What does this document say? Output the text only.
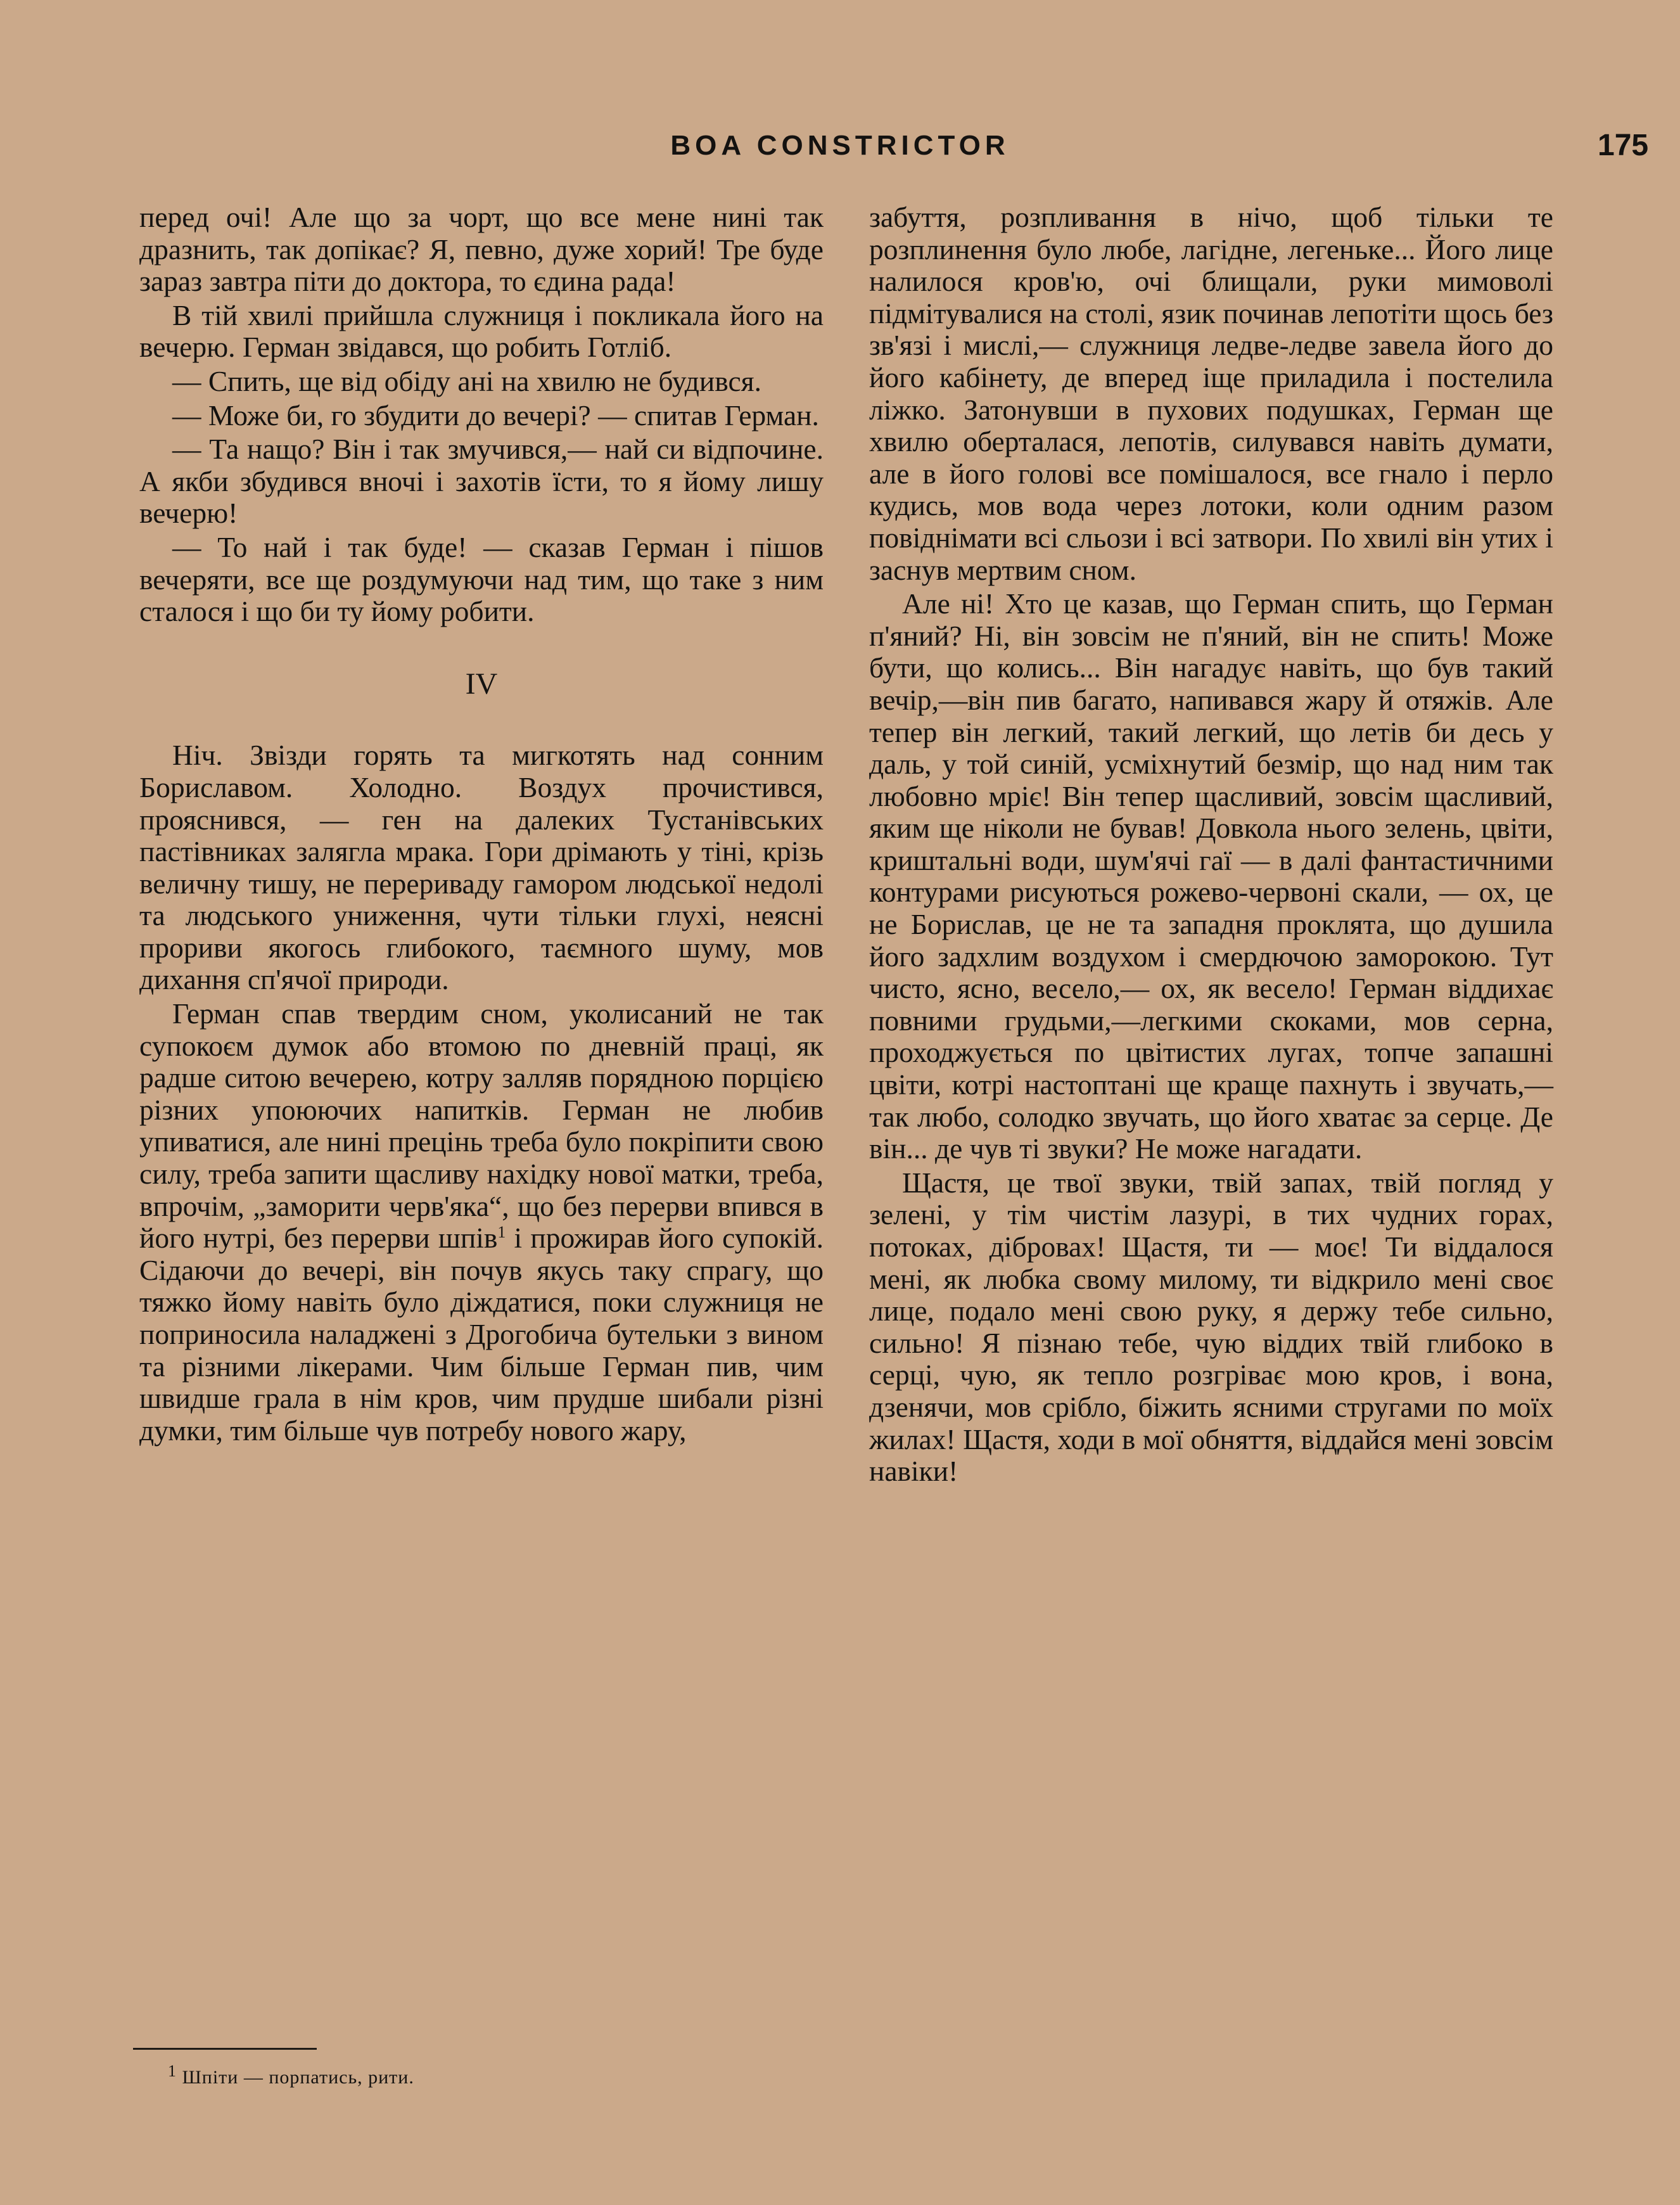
BOA CONSTRICTOR	175

перед очі! Але що за чорт, що все мене нині так дразнить, так допікає? Я, певно, дуже хорий! Тре буде зараз завтра піти до доктора, то єдина рада!

В тій хвилі прийшла служниця і покликала його на вечерю. Герман звідався, що робить Готліб.

— Спить, ще від обіду ані на хвилю не будився.

— Може би, го збудити до вечері? — спитав Герман.

— Та нащо? Він і так змучився,— най си відпочине. А якби збудився вночі і захотів їсти, то я йому лишу вечерю!

— То най і так буде! — сказав Герман і пішов вечеряти, все ще роздумуючи над тим, що таке з ним сталося і що би ту йому робити.

IV

Ніч. Звізди горять та мигкотять над сонним Бориславом. Холодно. Воздух прочистився, прояснився, — ген на далеких Тустанівських пастівниках залягла мрака. Гори дрімають у тіні, крізь величну тишу, не перериваду гамором людської недолі та людського униження, чути тільки глухі, неясні прориви якогось глибокого, таємного шуму, мов дихання сп'ячої природи.

Герман спав твердим сном, уколисаний не так супокоєм думок або втомою по дневній праці, як радше ситою вечерею, котру залляв порядною порцією різних упоюючих напитків. Герман не любив упиватися, але нині прецінь треба було покріпити свою силу, треба запити щасливу нахідку нової матки, треба, впрочім, „заморити черв'яка“, що без перерви впився в його нутрі, без перерви шпів$^1$ і прожирав його супокій. Сідаючи до вечері, він почув якусь таку спрагу, що тяжко йому навіть було діждатися, поки служниця не поприносила наладжені з Дрогобича бутельки з вином та різними лікерами. Чим більше Герман пив, чим швидше грала в нім кров, чим прудше шибали різні думки, тим більше чув потребу нового жару,

забуття, розпливання в нічо, щоб тільки те розплинення було любе, лагідне, легеньке... Його лице налилося кров'ю, очі блищали, руки мимоволі підмітувалися на столі, язик починав лепотіти щось без зв'язі і мислі,— служниця ледве-ледве завела його до його кабінету, де вперед іще приладила і постелила ліжко. Затонувши в пухових подушках, Герман ще хвилю оберталася, лепотів, силувався навіть думати, але в його голові все помішалося, все гнало і перло кудись, мов вода через лотоки, коли одним разом повіднімати всі сльози і всі затвори. По хвилі він утих і заснув мертвим сном.

Але ні! Хто це казав, що Герман спить, що Герман п'яний? Ні, він зовсім не п'яний, він не спить! Може бути, що колись... Він нагадує навіть, що був такий вечір,—він пив багато, напивався жару й отяжів. Але тепер він легкий, такий легкий, що летів би десь у даль, у той синій, усміхнутий безмір, що над ним так любовно мріє! Він тепер щасливий, зовсім щасливий, яким ще ніколи не бував! Довкола нього зелень, цвіти, криштальні води, шум'ячі гаї — в далі фантастичними контурами рисуються рожево-червоні скали, — ох, це не Борислав, це не та западня проклята, що душила його задхлим воздухом і смердючою заморокою. Тут чисто, ясно, весело,— ох, як весело! Герман віддихає повними грудьми,—легкими скоками, мов серна, проходжується по цвітистих лугах, топче запашні цвіти, котрі настоптані ще краще пахнуть і звучать,— так любо, солодко звучать, що його хватає за серце. Де він... де чув ті звуки? Не може нагадати.

Щастя, це твої звуки, твій запах, твій погляд у зелені, у тім чистім лазурі, в тих чудних горах, потоках, дібровах! Щастя, ти — моє! Ти віддалося мені, як любка свому милому, ти відкрило мені своє лице, подало мені свою руку, я держу тебе сильно, сильно! Я пізнаю тебе, чую віддих твій глибоко в серці, чую, як тепло розгріває мою кров, і вона, дзенячи, мов срібло, біжить ясними стругами по моїх жилах! Щастя, ходи в мої обняття, віддайся мені зовсім навіки!

$^1$ Шпіти — порпатись, рити.
